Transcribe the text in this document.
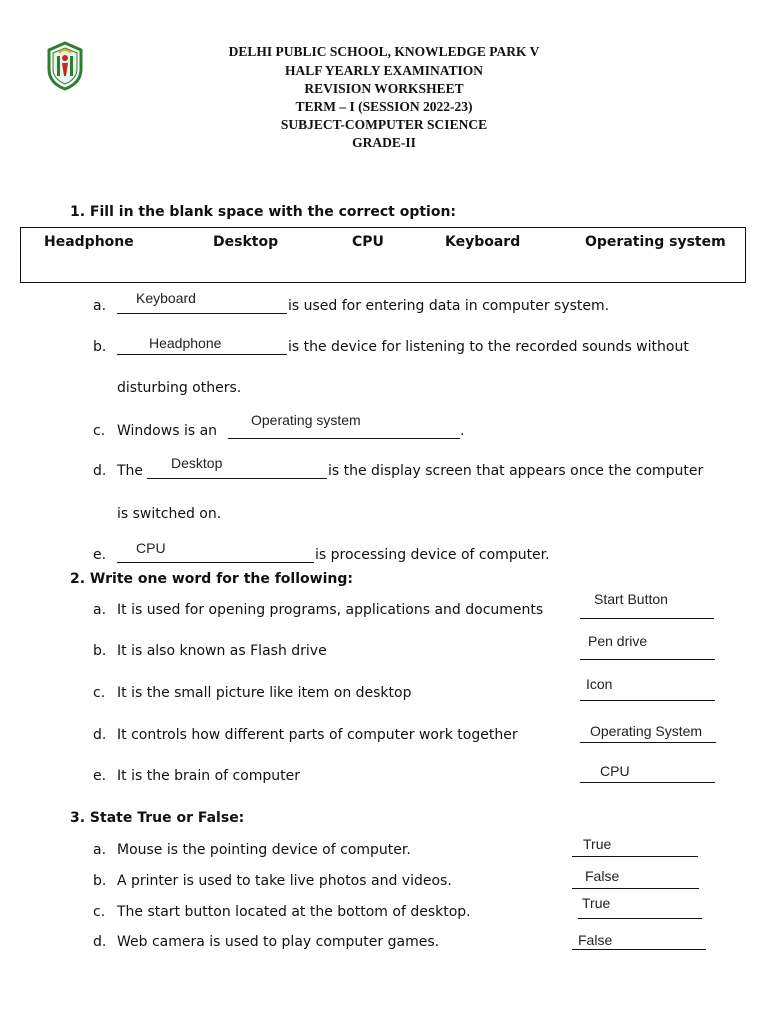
DELHI PUBLIC SCHOOL, KNOWLEDGE PARK V
HALF YEARLY EXAMINATION
REVISION WORKSHEET
TERM – I (SESSION 2022-23)
SUBJECT-COMPUTER SCIENCE
GRADE-II
1. Fill in the blank space with the correct option:
Headphone	Desktop	CPU	Keyboard	Operating system
a. Keyboard	is used for entering data in computer system.
b.	Headphone	is the device for listening to the recorded sounds without
disturbing others.
c. Windows is an
Operating system
.
d. The Desktop	is the display screen that appears once the computer
is switched on.
e. CPU	is processing device of computer.
2. Write one word for the following:
a. It is used for opening programs, applications and documents
Start Button
b. It is also known as Flash drive
Pen drive
c. It is the small picture like item on desktop
Icon
d. It controls how different parts of computer work together	Operating System
e. It is the brain of computer	CPU
3. State True or False:
a. Mouse is the pointing device of computer.	True
b. A printer is used to take live photos and videos.	False
c. The start button located at the bottom of desktop.
True
d. Web camera is used to play computer games.	False
